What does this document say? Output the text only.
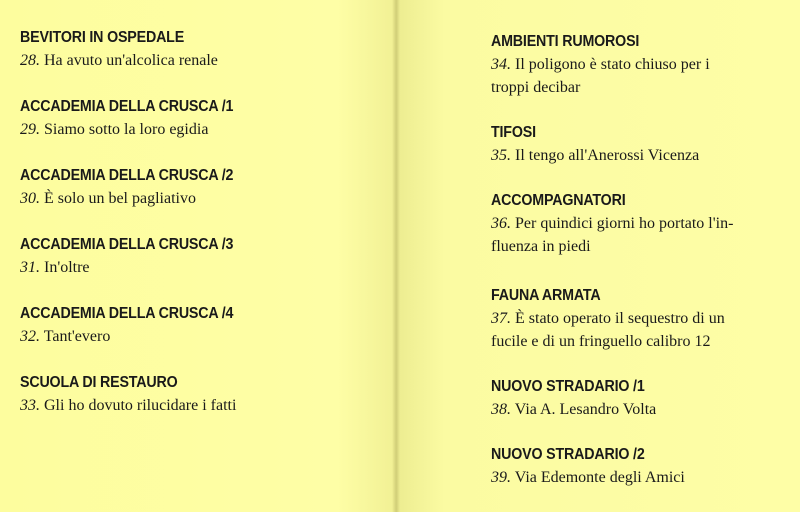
BEVITORI IN OSPEDALE
28. Ha avuto un'alcolica renale
ACCADEMIA DELLA CRUSCA /1
29. Siamo sotto la loro egidia
ACCADEMIA DELLA CRUSCA /2
30. È solo un bel pagliativo
ACCADEMIA DELLA CRUSCA /3
31. In'oltre
ACCADEMIA DELLA CRUSCA /4
32. Tant'evero
SCUOLA DI RESTAURO
33. Gli ho dovuto rilucidare i fatti
AMBIENTI RUMOROSI
34. Il poligono è stato chiuso per i
troppi decibar
TIFOSI
35. Il tengo all'Anerossi Vicenza
ACCOMPAGNATORI
36. Per quindici giorni ho portato l'in-
fluenza in piedi
FAUNA ARMATA
37. È stato operato il sequestro di un
fucile e di un fringuello calibro 12
NUOVO STRADARIO /1
38. Via A. Lesandro Volta
NUOVO STRADARIO /2
39. Via Edemonte degli Amici
